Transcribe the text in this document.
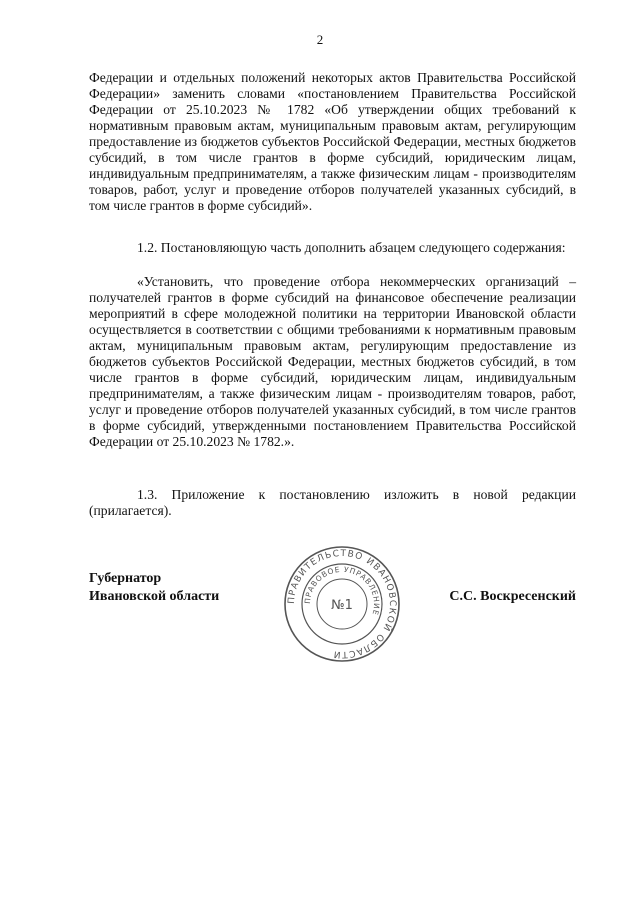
2

Федерации и отдельных положений некоторых актов Правительства Российской Федерации» заменить словами «постановлением Правительства Российской Федерации от 25.10.2023 № 1782 «Об утверждении общих требований к нормативным правовым актам, муниципальным правовым актам, регулирующим предоставление из бюджетов субъектов Российской Федерации, местных бюджетов субсидий, в том числе грантов в форме субсидий, юридическим лицам, индивидуальным предпринимателям, а также физическим лицам - производителям товаров, работ, услуг и проведение отборов получателей указанных субсидий, в том числе грантов в форме субсидий».

1.2. Постановляющую часть дополнить абзацем следующего содержания:

«Установить, что проведение отбора некоммерческих организаций – получателей грантов в форме субсидий на финансовое обеспечение реализации мероприятий в сфере молодежной политики на территории Ивановской области осуществляется в соответствии с общими требованиями к нормативным правовым актам, муниципальным правовым актам, регулирующим предоставление из бюджетов субъектов Российской Федерации, местных бюджетов субсидий, в том числе грантов в форме субсидий, юридическим лицам, индивидуальным предпринимателям, а также физическим лицам - производителям товаров, работ, услуг и проведение отборов получателей указанных субсидий, в том числе грантов в форме субсидий, утвержденными постановлением Правительства Российской Федерации от 25.10.2023 № 1782.».

1.3. Приложение к постановлению изложить в новой редакции (прилагается).

Губернатор
Ивановской области	С.С. Воскресенский
ПРАВИТЕЛЬСТВО ИВАНОВСКОЙ ОБЛАСТИ
ПРАВОВОЕ УПРАВЛЕНИЕ
№1
